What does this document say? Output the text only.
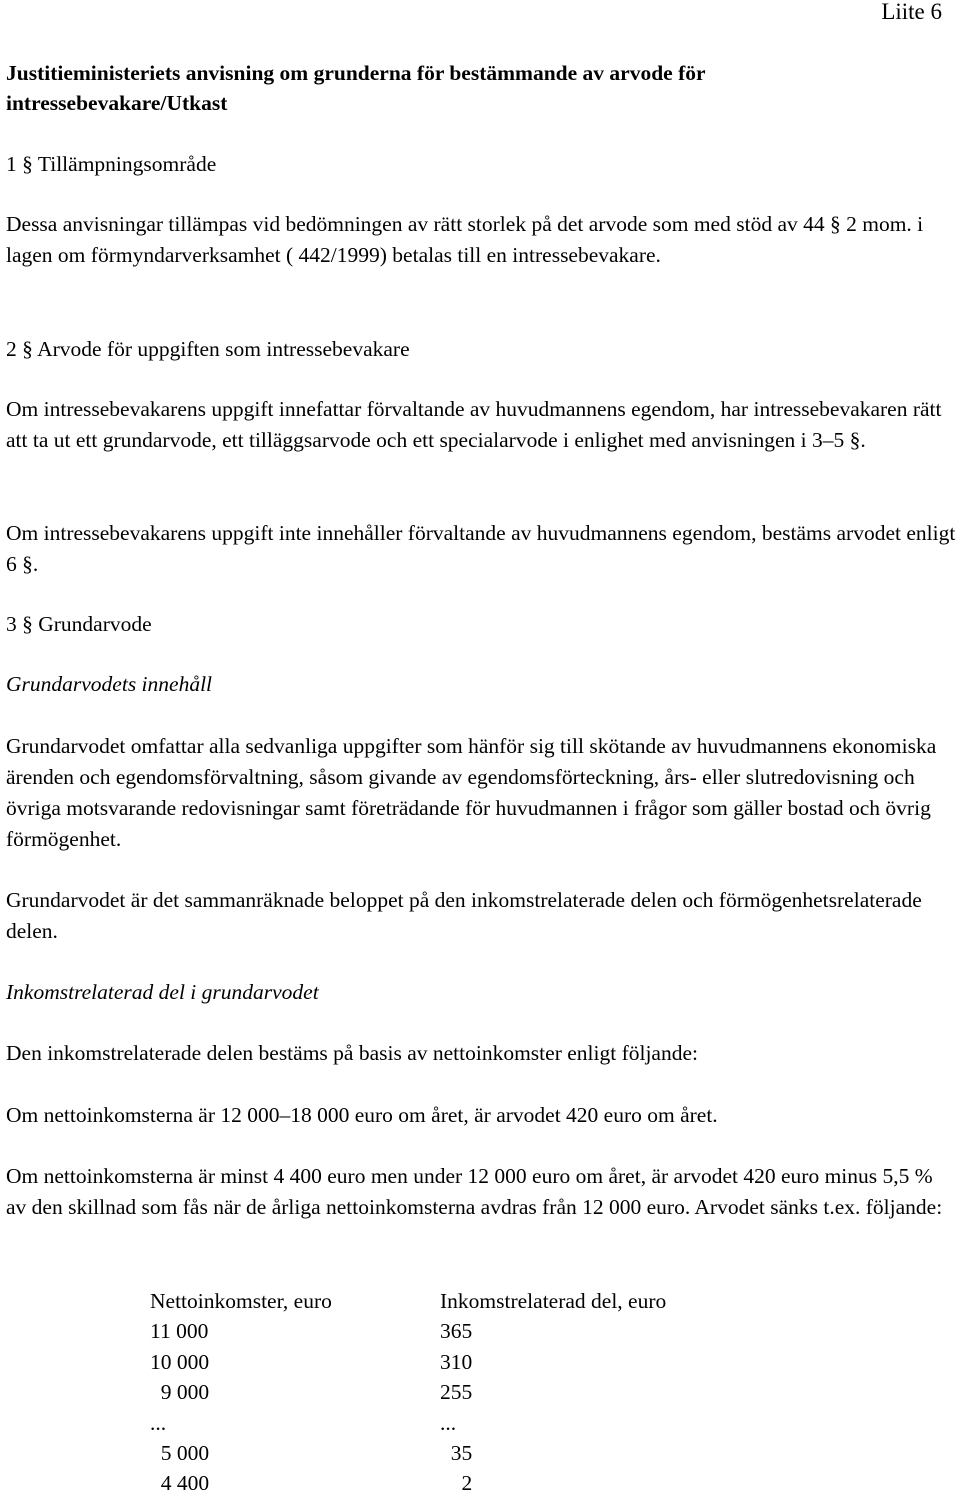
Liite 6
Justitieministeriets anvisning om grunderna för bestämmande av arvode för
intressebevakare/Utkast

1 § Tillämpningsområde

Dessa anvisningar tillämpas vid bedömningen av rätt storlek på det arvode som med stöd av 44 § 2 mom. i lagen om förmyndarverksamhet ( 442/1999) betalas till en intressebevakare.

2 § Arvode för uppgiften som intressebevakare

Om intressebevakarens uppgift innefattar förvaltande av huvudmannens egendom, har intressebevakaren rätt att ta ut ett grundarvode, ett tilläggsarvode och ett specialarvode i enlighet med anvisningen i 3–5 §.

Om intressebevakarens uppgift inte innehåller förvaltande av huvudmannens egendom, bestäms arvodet enligt 6 §.

3 § Grundarvode

Grundarvodets innehåll

Grundarvodet omfattar alla sedvanliga uppgifter som hänför sig till skötande av huvudmannens ekonomiska ärenden och egendomsförvaltning, såsom givande av egendomsförteckning, års- eller slutredovisning och övriga motsvarande redovisningar samt företrädande för huvudmannen i frågor som gäller bostad och övrig förmögenhet.

Grundarvodet är det sammanräknade beloppet på den inkomstrelaterade delen och förmögenhetsrelaterade delen.

Inkomstrelaterad del i grundarvodet

Den inkomstrelaterade delen bestäms på basis av nettoinkomster enligt följande:

Om nettoinkomsterna är 12 000–18 000 euro om året, är arvodet 420 euro om året.

Om nettoinkomsterna är minst 4 400 euro men under 12 000 euro om året, är arvodet 420 euro minus 5,5 % av den skillnad som fås när de årliga nettoinkomsterna avdras från 12 000 euro. Arvodet sänks t.ex. följande:

Nettoinkomster, euro	Inkomstrelaterad del, euro
11 000	365
10 000	310
9 000	255
...	...
5 000	35
4 400	2
